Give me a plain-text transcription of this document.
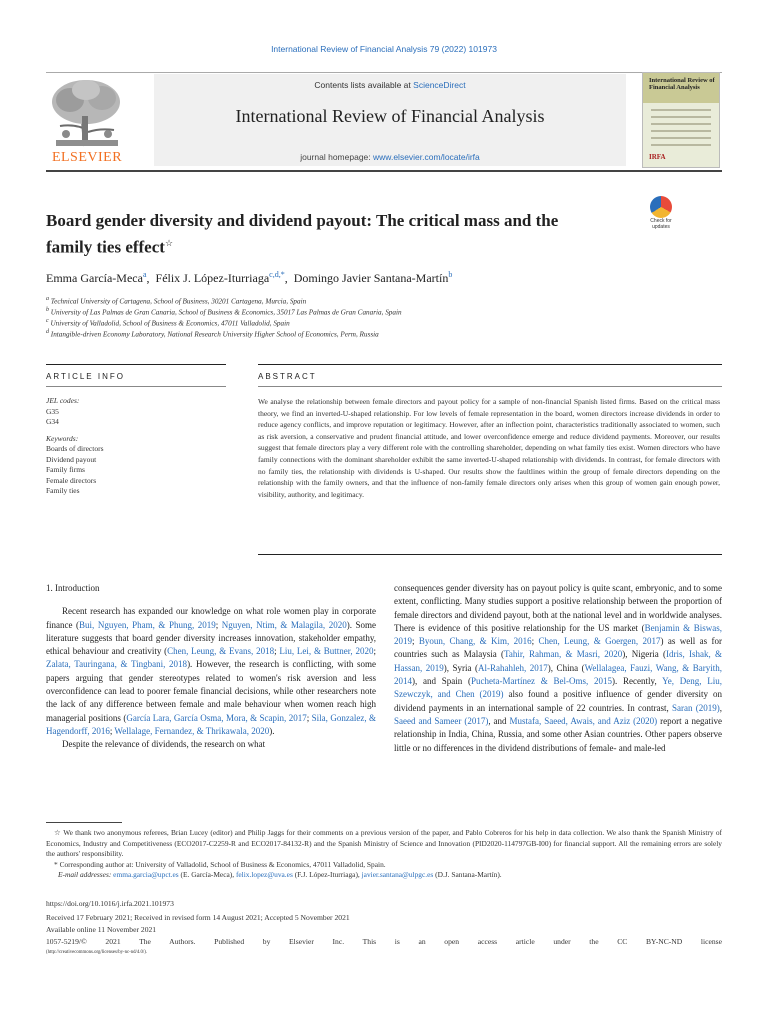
International Review of Financial Analysis 79 (2022) 101973
ELSEVIER
Contents lists available at ScienceDirect
International Review of Financial Analysis
journal homepage: www.elsevier.com/locate/irfa
International Review of Financial Analysis
IRFA
Board gender diversity and dividend payout: The critical mass and the family ties effect☆
Check for updates
Emma García-Meca$^a$,  Félix J. López-Iturriaga$^{c,d,*}$,  Domingo Javier Santana-Martín$^b$
$^a$ Technical University of Cartagena, School of Business, 30201 Cartagena, Murcia, Spain
$^b$ University of Las Palmas de Gran Canaria, School of Business & Economics, 35017 Las Palmas de Gran Canaria, Spain
$^c$ University of Valladolid, School of Business & Economics, 47011 Valladolid, Spain
$^d$ Intangible-driven Economy Laboratory, National Research University Higher School of Economics, Perm, Russia
ARTICLE INFO	ABSTRACT
JEL codes:
G35
G34
Keywords:
Boards of directors
Dividend payout
Family firms
Female directors
Family ties
We analyse the relationship between female directors and payout policy for a sample of non-financial Spanish listed firms. Based on the critical mass theory, we find an inverted-U-shaped relationship. For low levels of female representation in the board, women directors increase dividends in order to reduce agency conflicts, and improve reputation or legitimacy. However, after an inflection point, characteristics traditionally associated to women, such as risk aversion, a conservative and prudent financial attitude, and lower overconfidence emerge and reduce dividend payments. Moreover, our results suggest that female directors play a very different role with the controlling shareholder, depending on what family ties exist. Women directors who have family connections with the dominant shareholder exhibit the same inverted-U-shaped relationship with dividends. In contrast, for female directors with no family ties, the relationship with dividends is U-shaped. Our results show the faultlines within the group of female directors depending on the relationship with the family owners, and that the influence of non-family female directors only arises when this group of women gain enough power, visibility, authority, and legitimacy.

1. Introduction

Recent research has expanded our knowledge on what role women play in corporate finance (Bui, Nguyen, Pham, & Phung, 2019; Nguyen, Ntim, & Malagila, 2020). Some literature suggests that board gender diversity increases innovation, stakeholder empathy, ethical behaviour and creativity (Chen, Leung, & Evans, 2018; Liu, Lei, & Buttner, 2020; Zalata, Tauringana, & Tingbani, 2018). However, the research is conflicting, with some papers arguing that gender stereotypes related to women's risk aversion and less overconfidence can lead to poorer female financial decisions, while other researchers note the lack of any difference between female and male behaviour when women reach high managerial positions (García Lara, García Osma, Mora, & Scapin, 2017; Sila, Gonzalez, & Hagendorff, 2016; Wellalage, Fernandez, & Thrikawala, 2020).

Despite the relevance of dividends, the research on what

consequences gender diversity has on payout policy is quite scant, embryonic, and to some extent, conflicting. Many studies support a positive relationship between the proportion of female directors and dividend payout, both at the national level and in worldwide analyses. There is evidence of this positive relationship for the US market (Benjamin & Biswas, 2019; Byoun, Chang, & Kim, 2016; Chen, Leung, & Goergen, 2017) as well as for countries such as Malaysia (Tahir, Rahman, & Masri, 2020), Nigeria (Idris, Ishak, & Hassan, 2019), Syria (Al-Rahahleh, 2017), China (Wellalagea, Fauzi, Wang, & Baryith, 2014), and Spain (Pucheta-Martínez & Bel-Oms, 2015). Recently, Ye, Deng, Liu, Szewczyk, and Chen (2019) also found a positive influence of gender diversity on dividend payments in an international sample of 22 countries. In contrast, Saran (2019), Saeed and Sameer (2017), and Mustafa, Saeed, Awais, and Aziz (2020) report a negative relationship in India, China, Russia, and some other Asian countries. Other papers observe little or no differences in the dividend distributions of female- and male-led

☆ We thank two anonymous referees, Brian Lucey (editor) and Philip Jaggs for their comments on a previous version of the paper, and Pablo Cobreros for his help in data collection. We also thank the Spanish Ministry of Economics, Industry and Competitiveness (ECO2017-C2259-R and ECO2017-84132-R) and the Spanish Ministry of Science and Innovation (PID2020-114797GB-I00) for financial support. All the remaining errors are solely the authors' responsibility.
* Corresponding author at: University of Valladolid, School of Business & Economics, 47011 Valladolid, Spain.
E-mail addresses: emma.garcia@upct.es (E. García-Meca), felix.lopez@uva.es (F.J. López-Iturriaga), javier.santana@ulpgc.es (D.J. Santana-Martín).
https://doi.org/10.1016/j.irfa.2021.101973
Received 17 February 2021; Received in revised form 14 August 2021; Accepted 5 November 2021
Available online 11 November 2021
1057-5219/© 2021 The Authors. Published by Elsevier Inc. This is an open access article under the CC BY-NC-ND license
(http://creativecommons.org/licenses/by-nc-nd/4.0/).
